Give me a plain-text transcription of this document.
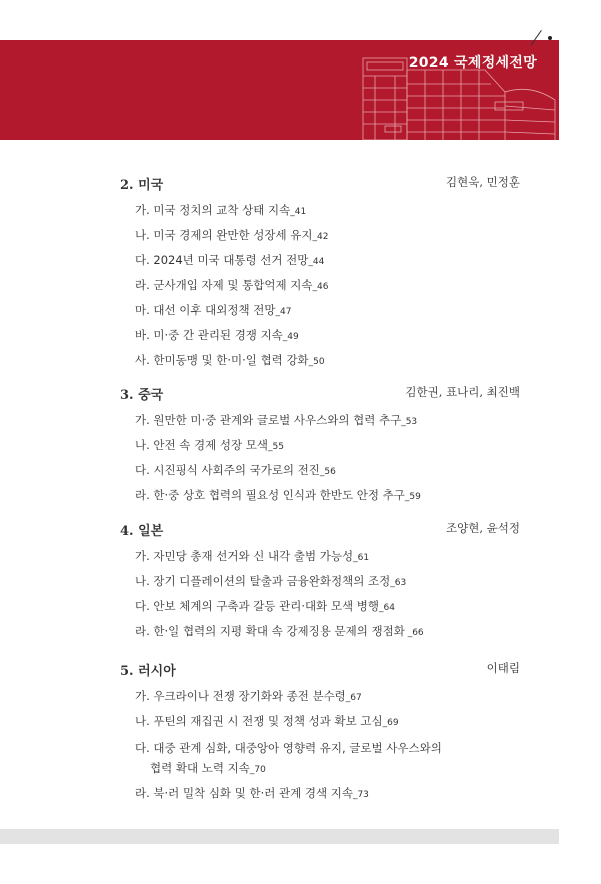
2024 국제정세전망
2. 미국	김현욱, 민정훈
가. 미국 정치의 교착 상태 지속_41
나. 미국 경제의 완만한 성장세 유지_42
다. 2024년 미국 대통령 선거 전망_44
라. 군사개입 자제 및 통합억제 지속_46
마. 대선 이후 대외정책 전망_47
바. 미·중 간 관리된 경쟁 지속_49
사. 한미동맹 및 한·미·일 협력 강화_50
3. 중국	김한권, 표나리, 최진백
가. 원만한 미·중 관계와 글로벌 사우스와의 협력 추구_53
나. 안전 속 경제 성장 모색_55
다. 시진핑식 사회주의 국가로의 전진_56
라. 한·중 상호 협력의 필요성 인식과 한반도 안정 추구_59
4. 일본	조양현, 윤석정
가. 자민당 총재 선거와 신 내각 출범 가능성_61
나. 장기 디플레이션의 탈출과 금융완화정책의 조정_63
다. 안보 체계의 구축과 갈등 관리·대화 모색 병행_64
라. 한·일 협력의 지평 확대 속 강제징용 문제의 쟁점화 _66
5. 러시아	이태림
가. 우크라이나 전쟁 장기화와 종전 분수령_67
나. 푸틴의 재집권 시 전쟁 및 정책 성과 확보 고심_69
다. 대중 관계 심화, 대중앙아 영향력 유지, 글로벌 사우스와의
협력 확대 노력 지속_70
라. 북·러 밀착 심화 및 한·러 관계 경색 지속_73
